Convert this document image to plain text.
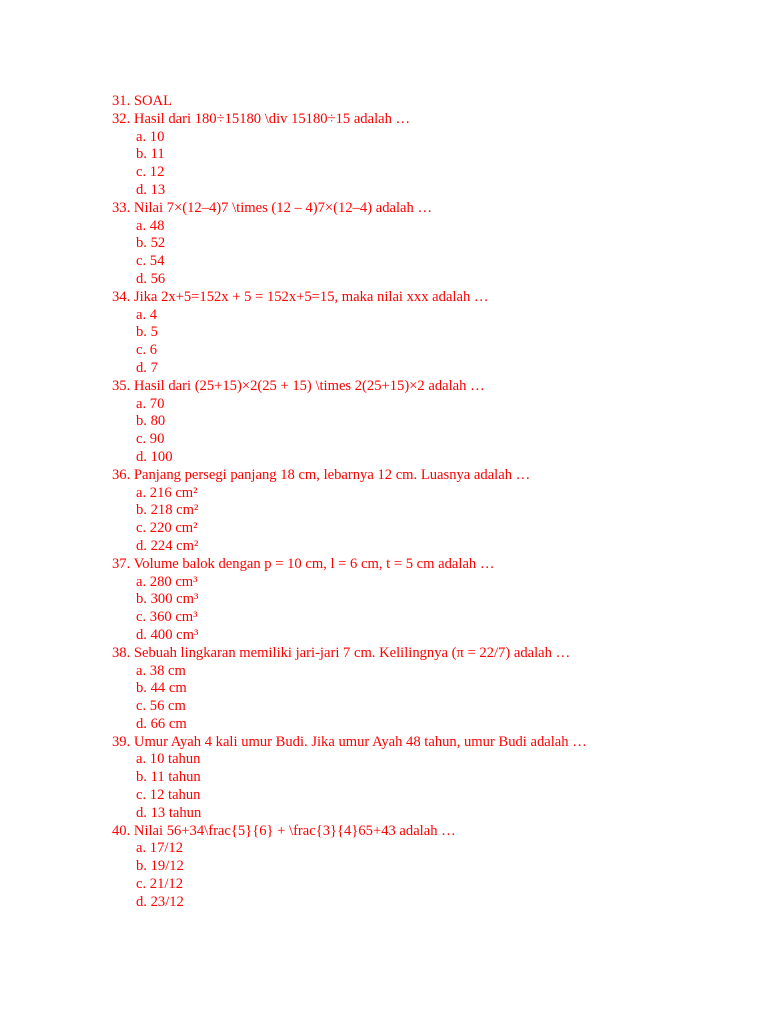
31. SOAL
32. Hasil dari 180÷15180 \div 15180÷15 adalah …
a. 10
b. 11
c. 12
d. 13
33. Nilai 7×(12–4)7 \times (12 – 4)7×(12–4) adalah …
a. 48
b. 52
c. 54
d. 56
34. Jika 2x+5=152x + 5 = 152x+5=15, maka nilai xxx adalah …
a. 4
b. 5
c. 6
d. 7
35. Hasil dari (25+15)×2(25 + 15) \times 2(25+15)×2 adalah …
a. 70
b. 80
c. 90
d. 100
36. Panjang persegi panjang 18 cm, lebarnya 12 cm. Luasnya adalah …
a. 216 cm²
b. 218 cm²
c. 220 cm²
d. 224 cm²
37. Volume balok dengan p = 10 cm, l = 6 cm, t = 5 cm adalah …
a. 280 cm³
b. 300 cm³
c. 360 cm³
d. 400 cm³
38. Sebuah lingkaran memiliki jari-jari 7 cm. Kelilingnya (π = 22/7) adalah …
a. 38 cm
b. 44 cm
c. 56 cm
d. 66 cm
39. Umur Ayah 4 kali umur Budi. Jika umur Ayah 48 tahun, umur Budi adalah …
a. 10 tahun
b. 11 tahun
c. 12 tahun
d. 13 tahun
40. Nilai 56+34\frac{5}{6} + \frac{3}{4}65+43 adalah …
a. 17/12
b. 19/12
c. 21/12
d. 23/12
